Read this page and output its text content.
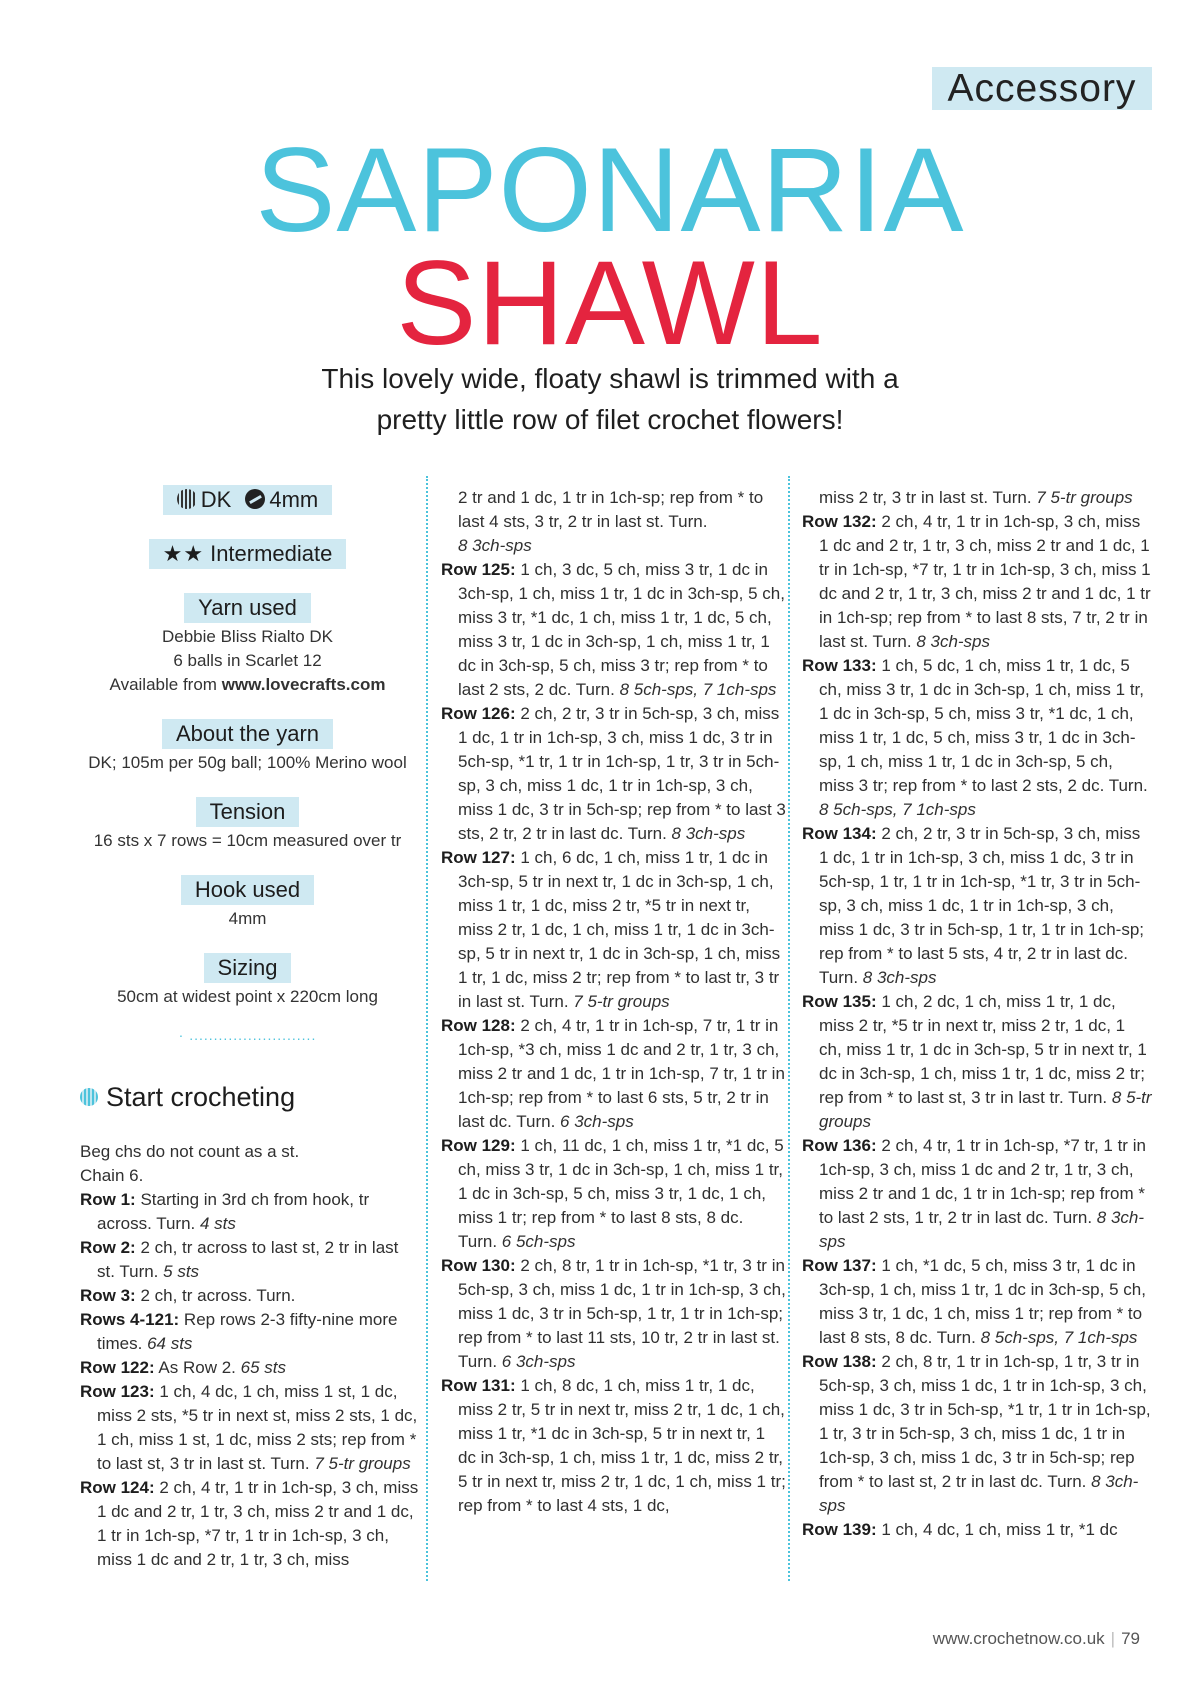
Accessory
SAPONARIA
SHAWL
This lovely wide, floaty shawl is trimmed with a
pretty little row of filet crochet flowers!
DK 4mm
★★ Intermediate
Yarn used
Debbie Bliss Rialto DK
6 balls in Scarlet 12
Available from www.lovecrafts.com
About the yarn
DK; 105m per 50g ball; 100% Merino wool
Tension
16 sts x 7 rows = 10cm measured over tr
Hook used
4mm
Sizing
50cm at widest point x 220cm long
· ..........................
Start crocheting

Beg chs do not count as a st.

Chain 6.

Row 1: Starting in 3rd ch from hook, tr across. Turn. 4 sts

Row 2: 2 ch, tr across to last st, 2 tr in last st. Turn. 5 sts

Row 3: 2 ch, tr across. Turn.

Rows 4-121: Rep rows 2-3 fifty-nine more times. 64 sts

Row 122: As Row 2. 65 sts

Row 123: 1 ch, 4 dc, 1 ch, miss 1 st, 1 dc, miss 2 sts, *5 tr in next st, miss 2 sts, 1 dc, 1 ch, miss 1 st, 1 dc, miss 2 sts; rep from * to last st, 3 tr in last st. Turn. 7 5-tr groups

Row 124: 2 ch, 4 tr, 1 tr in 1ch-sp, 3 ch, miss 1 dc and 2 tr, 1 tr, 3 ch, miss 2 tr and 1 dc, 1 tr in 1ch-sp, *7 tr, 1 tr in 1ch-sp, 3 ch, miss 1 dc and 2 tr, 1 tr, 3 ch, miss

2 tr and 1 dc, 1 tr in 1ch-sp; rep from * to last 4 sts, 3 tr, 2 tr in last st. Turn.
8 3ch-sps

Row 125: 1 ch, 3 dc, 5 ch, miss 3 tr, 1 dc in 3ch-sp, 1 ch, miss 1 tr, 1 dc in 3ch-sp, 5 ch, miss 3 tr, *1 dc, 1 ch, miss 1 tr, 1 dc, 5 ch, miss 3 tr, 1 dc in 3ch-sp, 1 ch, miss 1 tr, 1 dc in 3ch-sp, 5 ch, miss 3 tr; rep from * to last 2 sts, 2 dc. Turn. 8 5ch-sps, 7 1ch-sps

Row 126: 2 ch, 2 tr, 3 tr in 5ch-sp, 3 ch, miss 1 dc, 1 tr in 1ch-sp, 3 ch, miss 1 dc, 3 tr in 5ch-sp, *1 tr, 1 tr in 1ch-sp, 1 tr, 3 tr in 5ch-sp, 3 ch, miss 1 dc, 1 tr in 1ch-sp, 3 ch, miss 1 dc, 3 tr in 5ch-sp; rep from * to last 3 sts, 2 tr, 2 tr in last dc. Turn. 8 3ch-sps

Row 127: 1 ch, 6 dc, 1 ch, miss 1 tr, 1 dc in 3ch-sp, 5 tr in next tr, 1 dc in 3ch-sp, 1 ch, miss 1 tr, 1 dc, miss 2 tr, *5 tr in next tr, miss 2 tr, 1 dc, 1 ch, miss 1 tr, 1 dc in 3ch-sp, 5 tr in next tr, 1 dc in 3ch-sp, 1 ch, miss 1 tr, 1 dc, miss 2 tr; rep from * to last tr, 3 tr in last st. Turn. 7 5-tr groups

Row 128: 2 ch, 4 tr, 1 tr in 1ch-sp, 7 tr, 1 tr in 1ch-sp, *3 ch, miss 1 dc and 2 tr, 1 tr, 3 ch, miss 2 tr and 1 dc, 1 tr in 1ch-sp, 7 tr, 1 tr in 1ch-sp; rep from * to last 6 sts, 5 tr, 2 tr in last dc. Turn. 6 3ch-sps

Row 129: 1 ch, 11 dc, 1 ch, miss 1 tr, *1 dc, 5 ch, miss 3 tr, 1 dc in 3ch-sp, 1 ch, miss 1 tr, 1 dc in 3ch-sp, 5 ch, miss 3 tr, 1 dc, 1 ch, miss 1 tr; rep from * to last 8 sts, 8 dc. Turn. 6 5ch-sps

Row 130: 2 ch, 8 tr, 1 tr in 1ch-sp, *1 tr, 3 tr in 5ch-sp, 3 ch, miss 1 dc, 1 tr in 1ch-sp, 3 ch, miss 1 dc, 3 tr in 5ch-sp, 1 tr, 1 tr in 1ch-sp; rep from * to last 11 sts, 10 tr, 2 tr in last st. Turn. 6 3ch-sps

Row 131: 1 ch, 8 dc, 1 ch, miss 1 tr, 1 dc, miss 2 tr, 5 tr in next tr, miss 2 tr, 1 dc, 1 ch, miss 1 tr, *1 dc in 3ch-sp, 5 tr in next tr, 1 dc in 3ch-sp, 1 ch, miss 1 tr, 1 dc, miss 2 tr, 5 tr in next tr, miss 2 tr, 1 dc, 1 ch, miss 1 tr; rep from * to last 4 sts, 1 dc,

miss 2 tr, 3 tr in last st. Turn. 7 5-tr groups

Row 132: 2 ch, 4 tr, 1 tr in 1ch-sp, 3 ch, miss 1 dc and 2 tr, 1 tr, 3 ch, miss 2 tr and 1 dc, 1 tr in 1ch-sp, *7 tr, 1 tr in 1ch-sp, 3 ch, miss 1 dc and 2 tr, 1 tr, 3 ch, miss 2 tr and 1 dc, 1 tr in 1ch-sp; rep from * to last 8 sts, 7 tr, 2 tr in last st. Turn. 8 3ch-sps

Row 133: 1 ch, 5 dc, 1 ch, miss 1 tr, 1 dc, 5 ch, miss 3 tr, 1 dc in 3ch-sp, 1 ch, miss 1 tr, 1 dc in 3ch-sp, 5 ch, miss 3 tr, *1 dc, 1 ch, miss 1 tr, 1 dc, 5 ch, miss 3 tr, 1 dc in 3ch-sp, 1 ch, miss 1 tr, 1 dc in 3ch-sp, 5 ch, miss 3 tr; rep from * to last 2 sts, 2 dc. Turn. 8 5ch-sps, 7 1ch-sps

Row 134: 2 ch, 2 tr, 3 tr in 5ch-sp, 3 ch, miss 1 dc, 1 tr in 1ch-sp, 3 ch, miss 1 dc, 3 tr in 5ch-sp, 1 tr, 1 tr in 1ch-sp, *1 tr, 3 tr in 5ch-sp, 3 ch, miss 1 dc, 1 tr in 1ch-sp, 3 ch, miss 1 dc, 3 tr in 5ch-sp, 1 tr, 1 tr in 1ch-sp; rep from * to last 5 sts, 4 tr, 2 tr in last dc. Turn. 8 3ch-sps

Row 135: 1 ch, 2 dc, 1 ch, miss 1 tr, 1 dc, miss 2 tr, *5 tr in next tr, miss 2 tr, 1 dc, 1 ch, miss 1 tr, 1 dc in 3ch-sp, 5 tr in next tr, 1 dc in 3ch-sp, 1 ch, miss 1 tr, 1 dc, miss 2 tr; rep from * to last st, 3 tr in last tr. Turn. 8 5-tr groups

Row 136: 2 ch, 4 tr, 1 tr in 1ch-sp, *7 tr, 1 tr in 1ch-sp, 3 ch, miss 1 dc and 2 tr, 1 tr, 3 ch, miss 2 tr and 1 dc, 1 tr in 1ch-sp; rep from * to last 2 sts, 1 tr, 2 tr in last dc. Turn. 8 3ch-sps

Row 137: 1 ch, *1 dc, 5 ch, miss 3 tr, 1 dc in 3ch-sp, 1 ch, miss 1 tr, 1 dc in 3ch-sp, 5 ch, miss 3 tr, 1 dc, 1 ch, miss 1 tr; rep from * to last 8 sts, 8 dc. Turn. 8 5ch-sps, 7 1ch-sps

Row 138: 2 ch, 8 tr, 1 tr in 1ch-sp, 1 tr, 3 tr in 5ch-sp, 3 ch, miss 1 dc, 1 tr in 1ch-sp, 3 ch, miss 1 dc, 3 tr in 5ch-sp, *1 tr, 1 tr in 1ch-sp, 1 tr, 3 tr in 5ch-sp, 3 ch, miss 1 dc, 1 tr in 1ch-sp, 3 ch, miss 1 dc, 3 tr in 5ch-sp; rep from * to last st, 2 tr in last dc. Turn. 8 3ch-sps

Row 139: 1 ch, 4 dc, 1 ch, miss 1 tr, *1 dc

www.crochetnow.co.uk | 79
